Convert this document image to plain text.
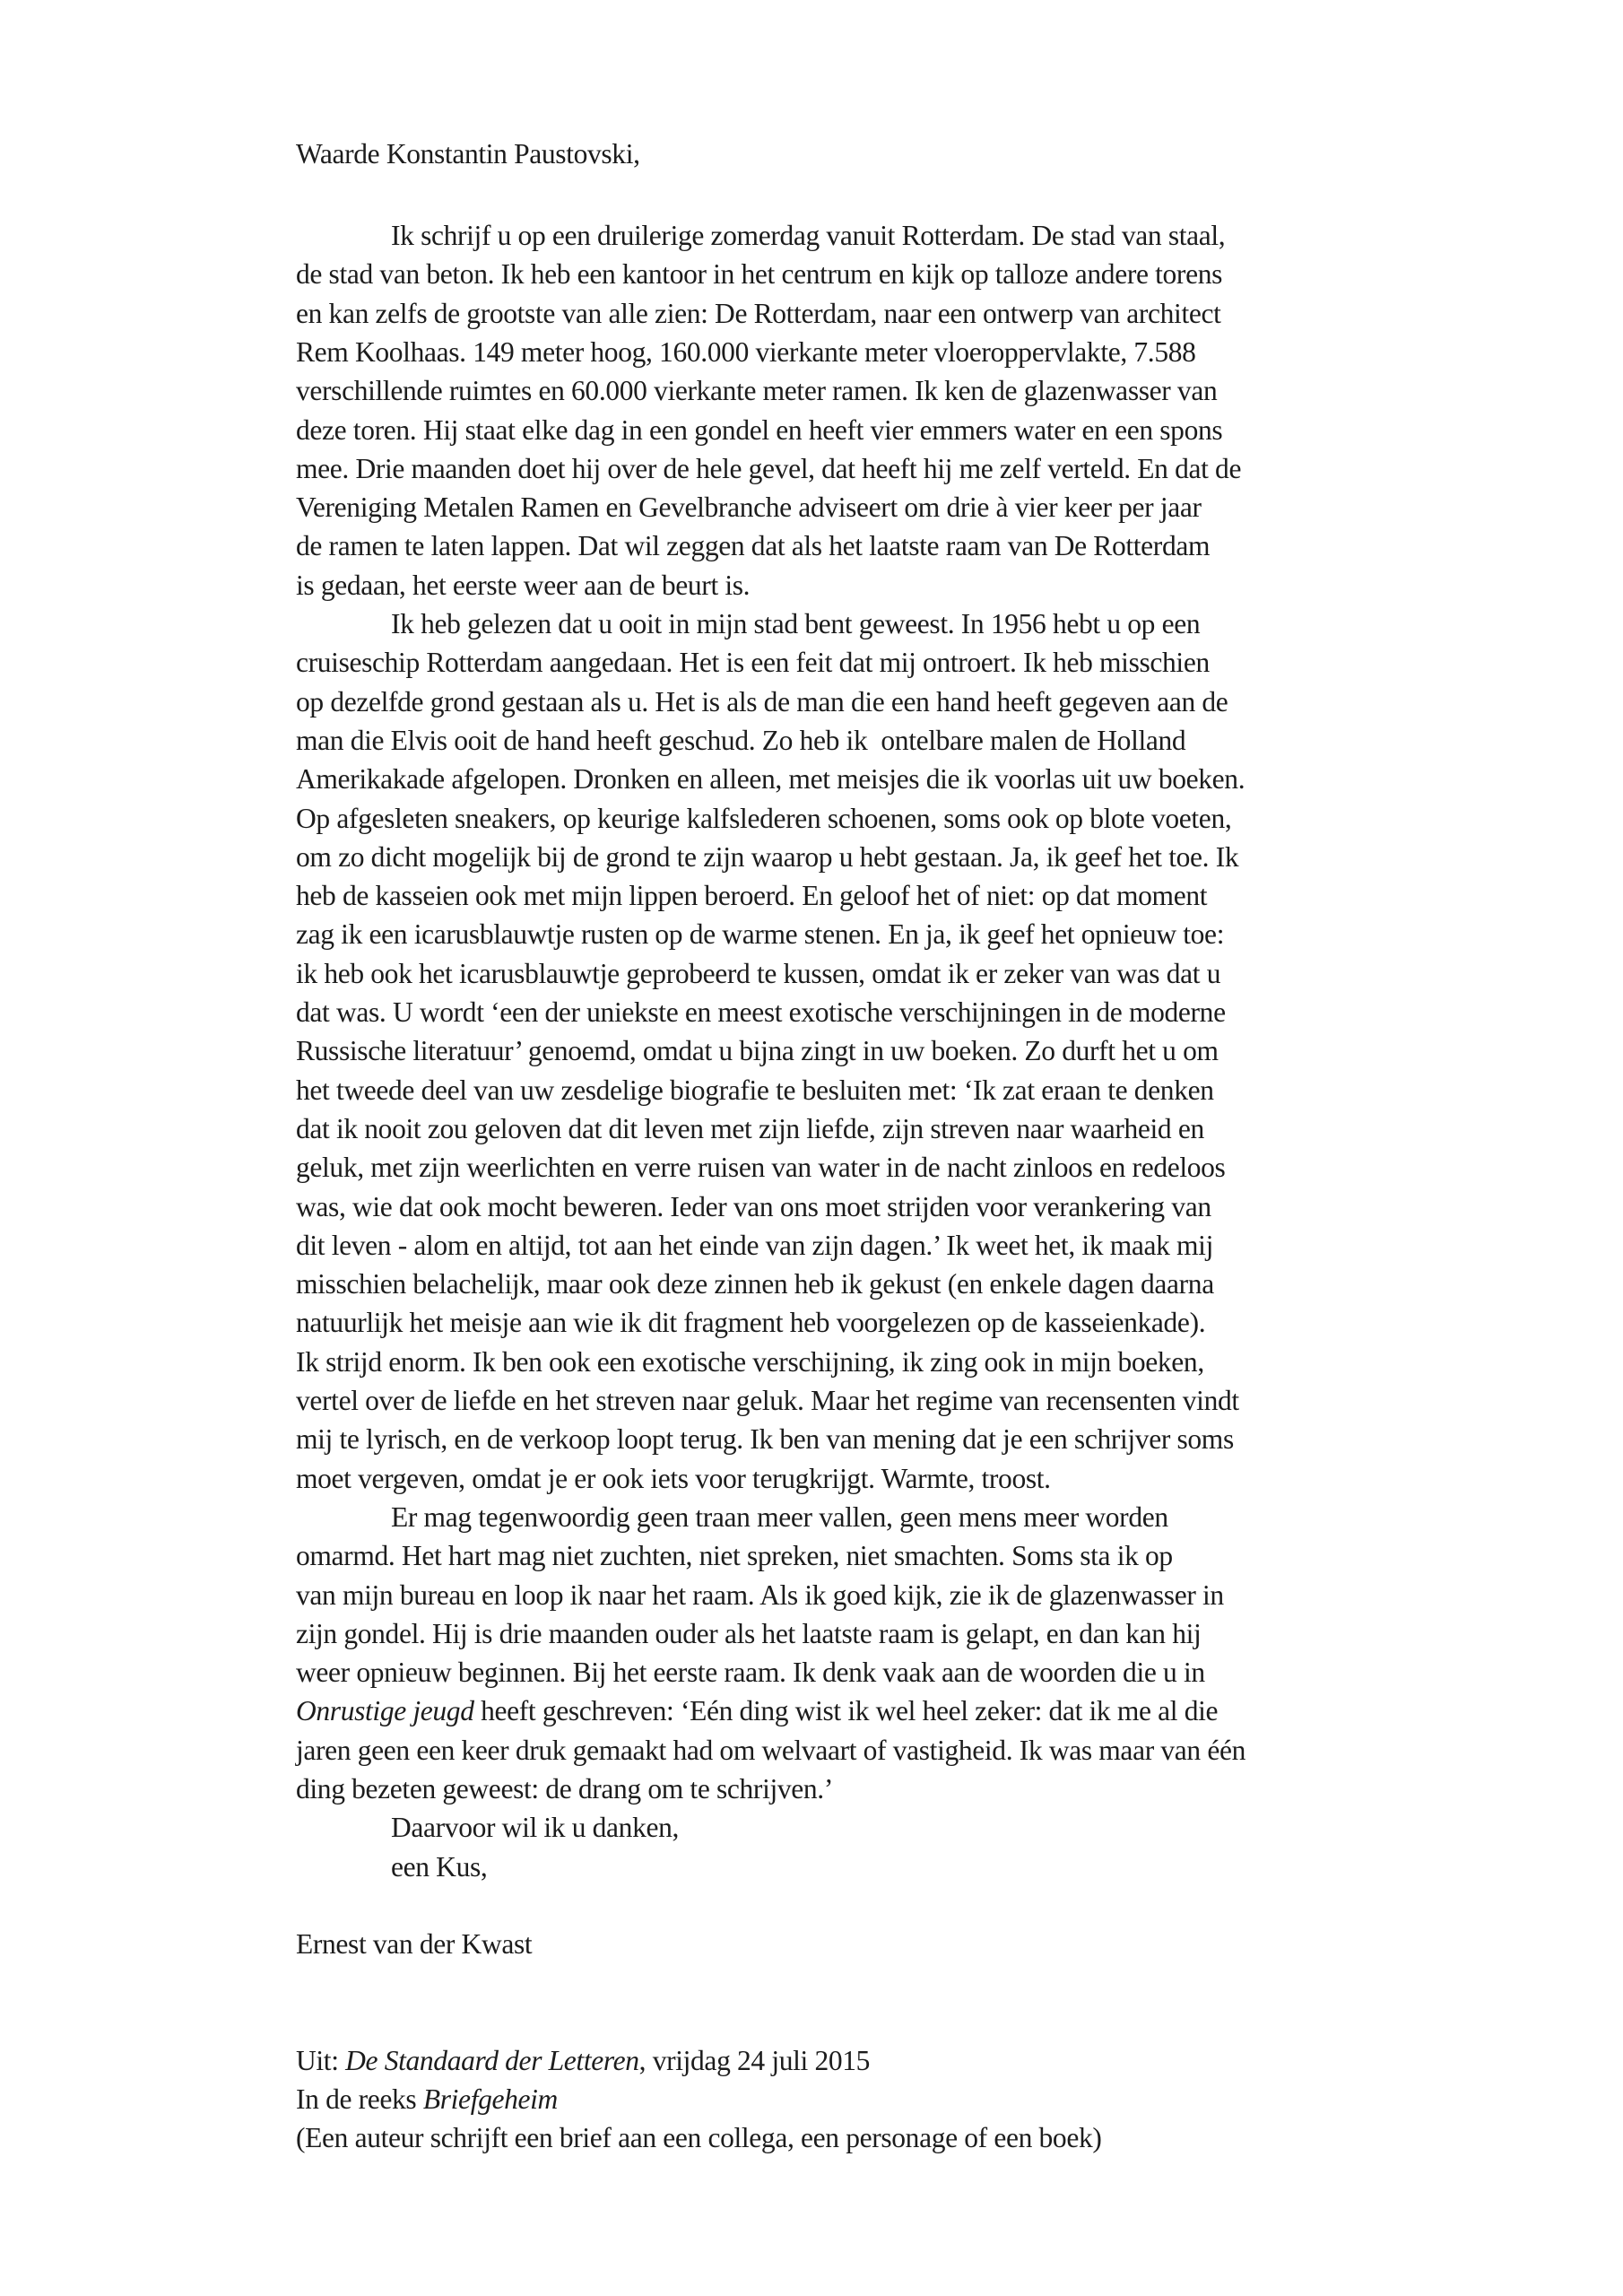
Waarde Konstantin Paustovski,
Ik schrijf u op een druilerige zomerdag vanuit Rotterdam. De stad van staal,
de stad van beton. Ik heb een kantoor in het centrum en kijk op talloze andere torens
en kan zelfs de grootste van alle zien: De Rotterdam, naar een ontwerp van architect
Rem Koolhaas. 149 meter hoog, 160.000 vierkante meter vloeroppervlakte, 7.588
verschillende ruimtes en 60.000 vierkante meter ramen. Ik ken de glazenwasser van
deze toren. Hij staat elke dag in een gondel en heeft vier emmers water en een spons
mee. Drie maanden doet hij over de hele gevel, dat heeft hij me zelf verteld. En dat de
Vereniging Metalen Ramen en Gevelbranche adviseert om drie à vier keer per jaar
de ramen te laten lappen. Dat wil zeggen dat als het laatste raam van De Rotterdam
is gedaan, het eerste weer aan de beurt is.
Ik heb gelezen dat u ooit in mijn stad bent geweest. In 1956 hebt u op een
cruiseschip Rotterdam aangedaan. Het is een feit dat mij ontroert. Ik heb misschien
op dezelfde grond gestaan als u. Het is als de man die een hand heeft gegeven aan de
man die Elvis ooit de hand heeft geschud. Zo heb ik  ontelbare malen de Holland
Amerikakade afgelopen. Dronken en alleen, met meisjes die ik voorlas uit uw boeken.
Op afgesleten sneakers, op keurige kalfslederen schoenen, soms ook op blote voeten,
om zo dicht mogelijk bij de grond te zijn waarop u hebt gestaan. Ja, ik geef het toe. Ik
heb de kasseien ook met mijn lippen beroerd. En geloof het of niet: op dat moment
zag ik een icarusblauwtje rusten op de warme stenen. En ja, ik geef het opnieuw toe:
ik heb ook het icarusblauwtje geprobeerd te kussen, omdat ik er zeker van was dat u
dat was. U wordt ‘een der uniekste en meest exotische verschijningen in de moderne
Russische literatuur’ genoemd, omdat u bijna zingt in uw boeken. Zo durft het u om
het tweede deel van uw zesdelige biografie te besluiten met: ‘Ik zat eraan te denken
dat ik nooit zou geloven dat dit leven met zijn liefde, zijn streven naar waarheid en
geluk, met zijn weerlichten en verre ruisen van water in de nacht zinloos en redeloos
was, wie dat ook mocht beweren. Ieder van ons moet strijden voor verankering van
dit leven - alom en altijd, tot aan het einde van zijn dagen.’ Ik weet het, ik maak mij
misschien belachelijk, maar ook deze zinnen heb ik gekust (en enkele dagen daarna
natuurlijk het meisje aan wie ik dit fragment heb voorgelezen op de kasseienkade).
Ik strijd enorm. Ik ben ook een exotische verschijning, ik zing ook in mijn boeken,
vertel over de liefde en het streven naar geluk. Maar het regime van recensenten vindt
mij te lyrisch, en de verkoop loopt terug. Ik ben van mening dat je een schrijver soms
moet vergeven, omdat je er ook iets voor terugkrijgt. Warmte, troost.
Er mag tegenwoordig geen traan meer vallen, geen mens meer worden
omarmd. Het hart mag niet zuchten, niet spreken, niet smachten. Soms sta ik op
van mijn bureau en loop ik naar het raam. Als ik goed kijk, zie ik de glazenwasser in
zijn gondel. Hij is drie maanden ouder als het laatste raam is gelapt, en dan kan hij
weer opnieuw beginnen. Bij het eerste raam. Ik denk vaak aan de woorden die u in
Onrustige jeugd heeft geschreven: ‘Eén ding wist ik wel heel zeker: dat ik me al die
jaren geen een keer druk gemaakt had om welvaart of vastigheid. Ik was maar van één
ding bezeten geweest: de drang om te schrijven.’
Daarvoor wil ik u danken,
een Kus,
Ernest van der Kwast
Uit: De Standaard der Letteren, vrijdag 24 juli 2015
In de reeks Briefgeheim
(Een auteur schrijft een brief aan een collega, een personage of een boek)
